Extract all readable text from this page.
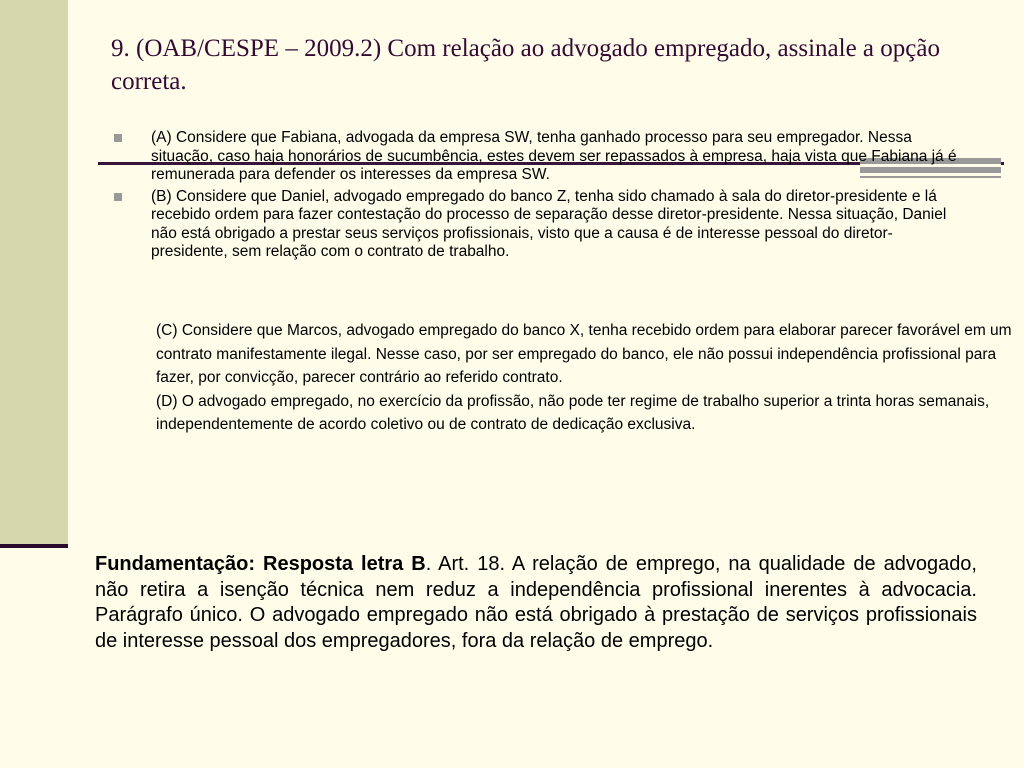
9. (OAB/CESPE – 2009.2) Com relação ao advogado empregado, assinale a opção correta.
(A) Considere que Fabiana, advogada da empresa SW, tenha ganhado processo para seu empregador. Nessa situação, caso haja honorários de sucumbência, estes devem ser repassados à empresa, haja vista que Fabiana já é remunerada para defender os interesses da empresa SW.
(B) Considere que Daniel, advogado empregado do banco Z, tenha sido chamado à sala do diretor-presidente e lá recebido ordem para fazer contestação do processo de separação desse diretor-presidente. Nessa situação, Daniel não está obrigado a prestar seus serviços profissionais, visto que a causa é de interesse pessoal do diretor-presidente, sem relação com o contrato de trabalho.

(C) Considere que Marcos, advogado empregado do banco X, tenha recebido ordem para elaborar parecer favorável em um contrato manifestamente ilegal. Nesse caso, por ser empregado do banco, ele não possui independência profissional para fazer, por convicção, parecer contrário ao referido contrato.

(D) O advogado empregado, no exercício da profissão, não pode ter regime de trabalho superior a trinta horas semanais, independentemente de acordo coletivo ou de contrato de dedicação exclusiva.

Fundamentação: Resposta letra B. Art. 18. A relação de emprego, na qualidade de advogado, não retira a isenção técnica nem reduz a independência profissional inerentes à advocacia. Parágrafo único. O advogado empregado não está obrigado à prestação de serviços profissionais de interesse pessoal dos empregadores, fora da relação de emprego.
